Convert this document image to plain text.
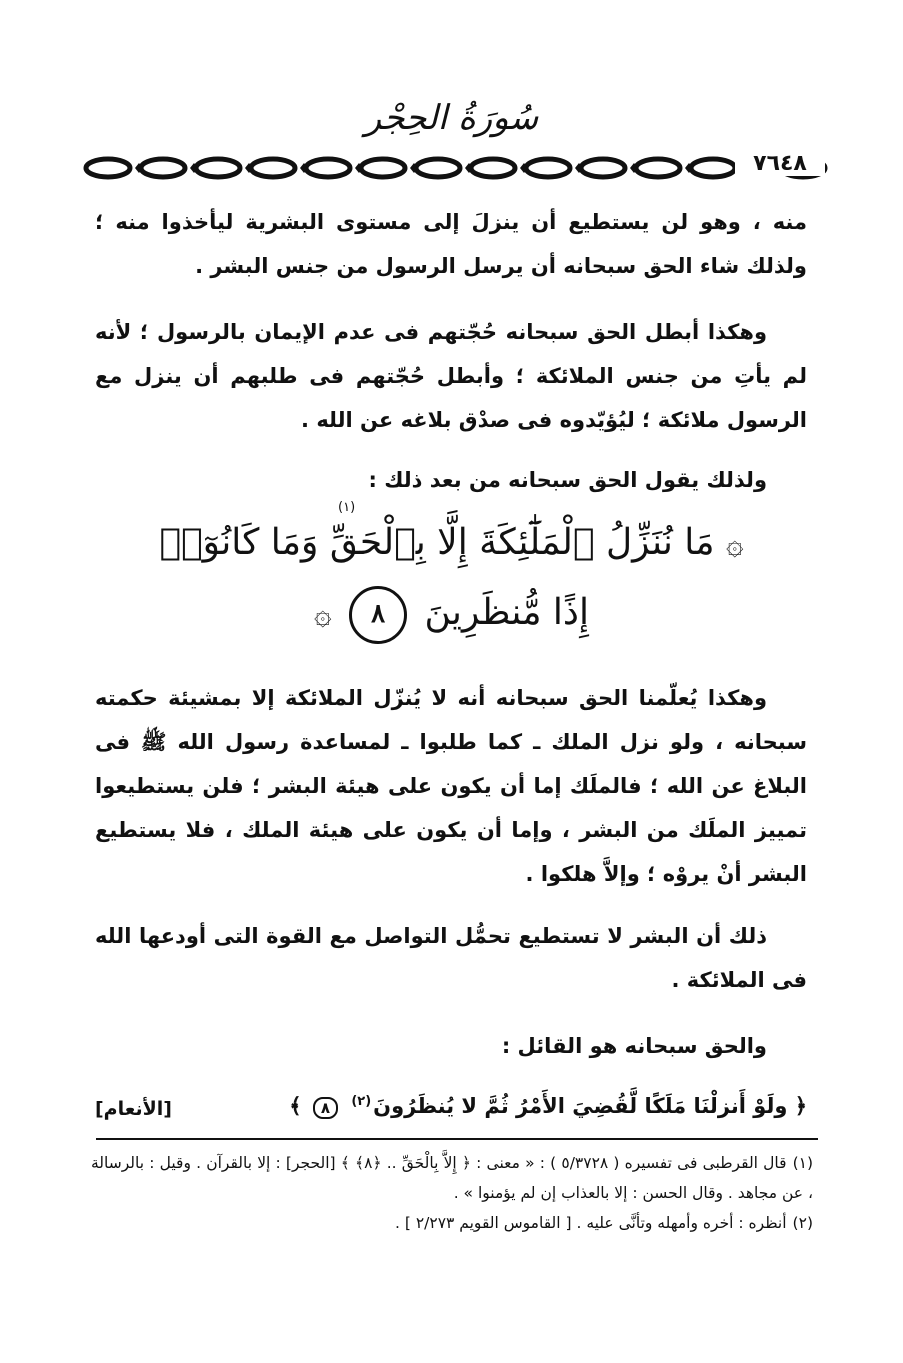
سُورَةُ الحِجْر
٧٦٤٨
منه ، وهو لن يستطيع أن ينزلَ إلى مستوى البشرية ليأخذوا منه ؛ ولذلك شاء الحق سبحانه أن يرسل الرسول من جنس البشر .
وهكذا أبطل الحق سبحانه حُجّتهم فى عدم الإيمان بالرسول ؛ لأنه لم يأتِ من جنس الملائكة ؛ وأبطل حُجّتهم فى طلبهم أن ينزل مع الرسول ملائكة ؛ ليُؤيّدوه فى صدْق بلاغه عن الله .
ولذلك يقول الحق سبحانه من بعد ذلك :
۞ مَا نُنَزِّلُ ٱلْمَلَٰٓئِكَةَ إِلَّا بِٱلْحَقِّ وَمَا كَانُوٓا۟
(١)
إِذًا مُّنظَرِينَ ٨ ۞
وهكذا يُعلّمنا الحق سبحانه أنه لا يُنزّل الملائكة إلا بمشيئة حكمته سبحانه ، ولو نزل الملك ـ كما طلبوا ـ لمساعدة رسول الله ﷺ فى البلاغ عن الله ؛ فالملَك إما أن يكون على هيئة البشر ؛ فلن يستطيعوا تمييز الملَك من البشر ، وإما أن يكون على هيئة الملك ، فلا يستطيع البشر أنْ يروْه ؛ وإلاَّ هلكوا .
ذلك أن البشر لا تستطيع تحمُّل التواصل مع القوة التى أودعها الله فى الملائكة .
والحق سبحانه هو القائل :
﴿ ولَوْ أَنزلْنَا مَلَكًا لَّقُضِيَ الأَمْرُ ثُمَّ لا يُنظَرُونَ$^{(٢)}$ ٨ ﴾
[الأنعام]
(١)قال القرطبى فى تفسيره ( ٥/٣٧٢٨ ) : « معنى : ﴿ إِلاَّ بِالْحَقِّ .. ﴿٨﴾ ﴾ [الحجر] : إلا بالقرآن . وقيل : بالرسالة ، عن مجاهد . وقال الحسن : إلا بالعذاب إن لم يؤمنوا » .
(٢)أنظره : أخره وأمهله وتأنَّى عليه . [ القاموس القويم ٢/٢٧٣ ] .
